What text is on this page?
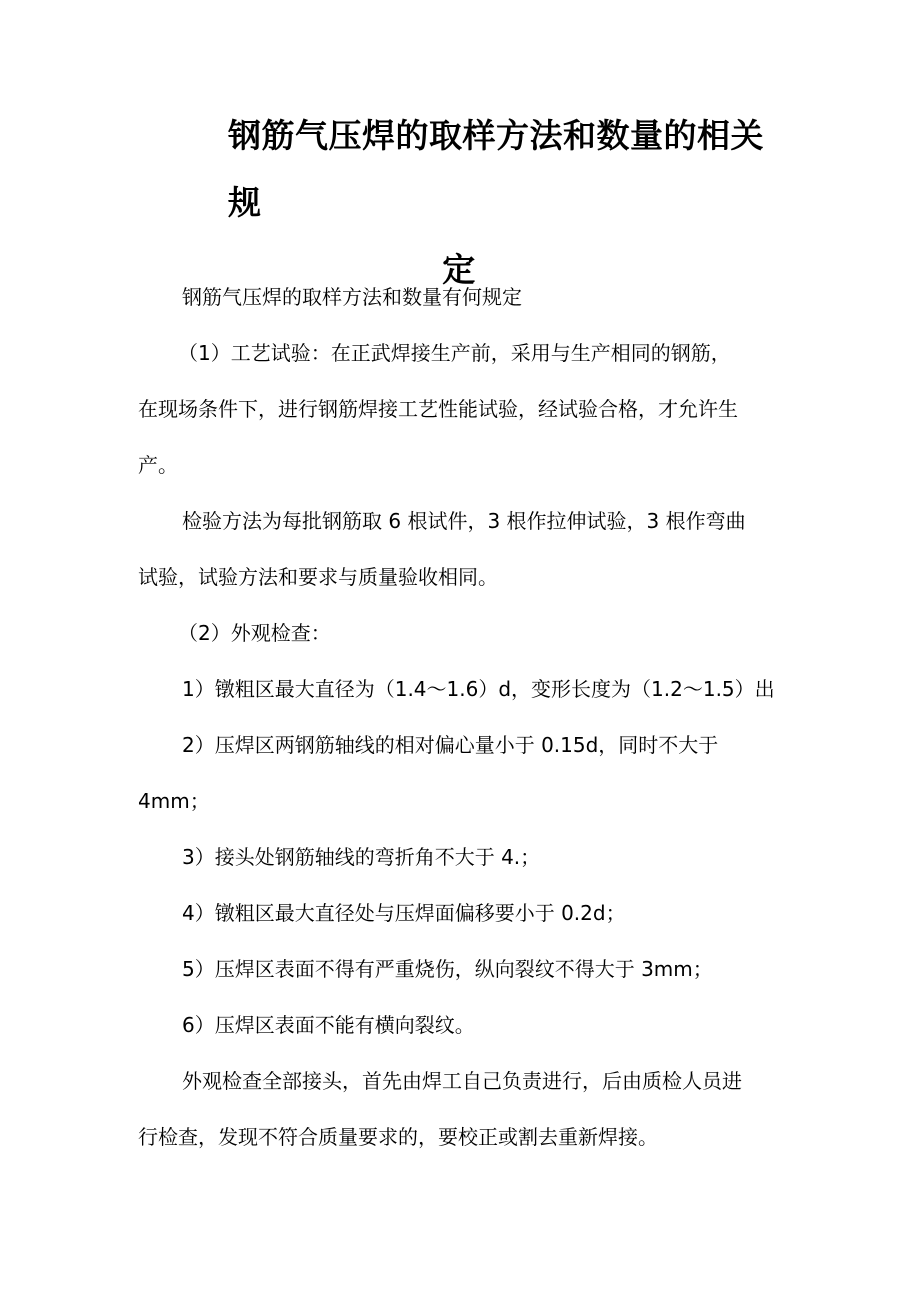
钢筋气压焊的取样方法和数量的相关规
定
钢筋气压焊的取样方法和数量有何规定
（1）工艺试验：在正武焊接生产前，采用与生产相同的钢筋，
在现场条件下，进行钢筋焊接工艺性能试验，经试验合格，才允许生
产。
检验方法为每批钢筋取 6 根试件，3 根作拉伸试验，3 根作弯曲
试验，试验方法和要求与质量验收相同。
（2）外观检查：
1）镦粗区最大直径为（1.4～1.6）d，变形长度为（1.2～1.5）出
2）压焊区两钢筋轴线的相对偏心量小于 0.15d，同时不大于
4mm；
3）接头处钢筋轴线的弯折角不大于 4.；
4）镦粗区最大直径处与压焊面偏移要小于 0.2d；
5）压焊区表面不得有严重烧伤，纵向裂纹不得大于 3mm；
6）压焊区表面不能有横向裂纹。
外观检查全部接头，首先由焊工自己负责进行，后由质检人员进
行检查，发现不符合质量要求的，要校正或割去重新焊接。
